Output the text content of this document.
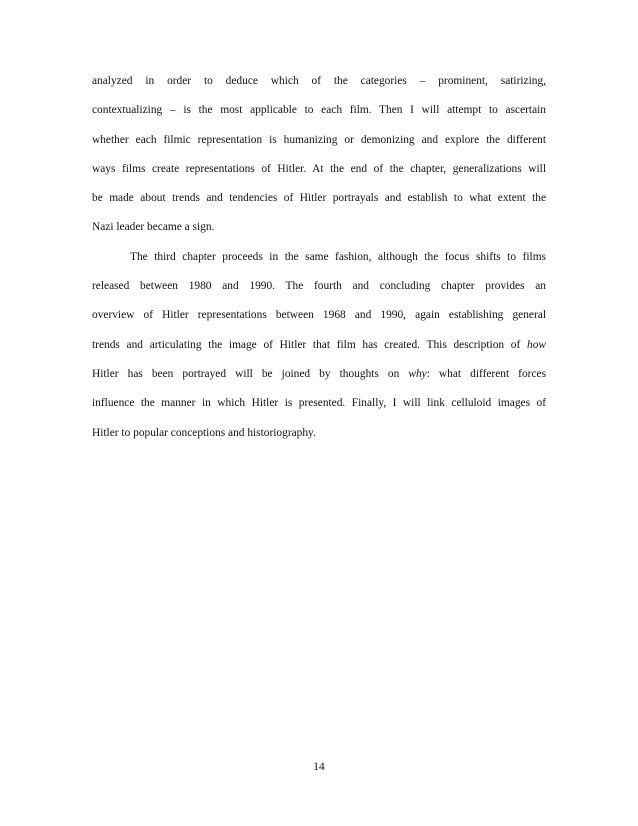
analyzed in order to deduce which of the categories – prominent, satirizing,
contextualizing – is the most applicable to each film. Then I will attempt to ascertain
whether each filmic representation is humanizing or demonizing and explore the different
ways films create representations of Hitler. At the end of the chapter, generalizations will
be made about trends and tendencies of Hitler portrayals and establish to what extent the
Nazi leader became a sign.
The third chapter proceeds in the same fashion, although the focus shifts to films
released between 1980 and 1990. The fourth and concluding chapter provides an
overview of Hitler representations between 1968 and 1990, again establishing general
trends and articulating the image of Hitler that film has created. This description of how
Hitler has been portrayed will be joined by thoughts on why: what different forces
influence the manner in which Hitler is presented. Finally, I will link celluloid images of
Hitler to popular conceptions and historiography.
14
